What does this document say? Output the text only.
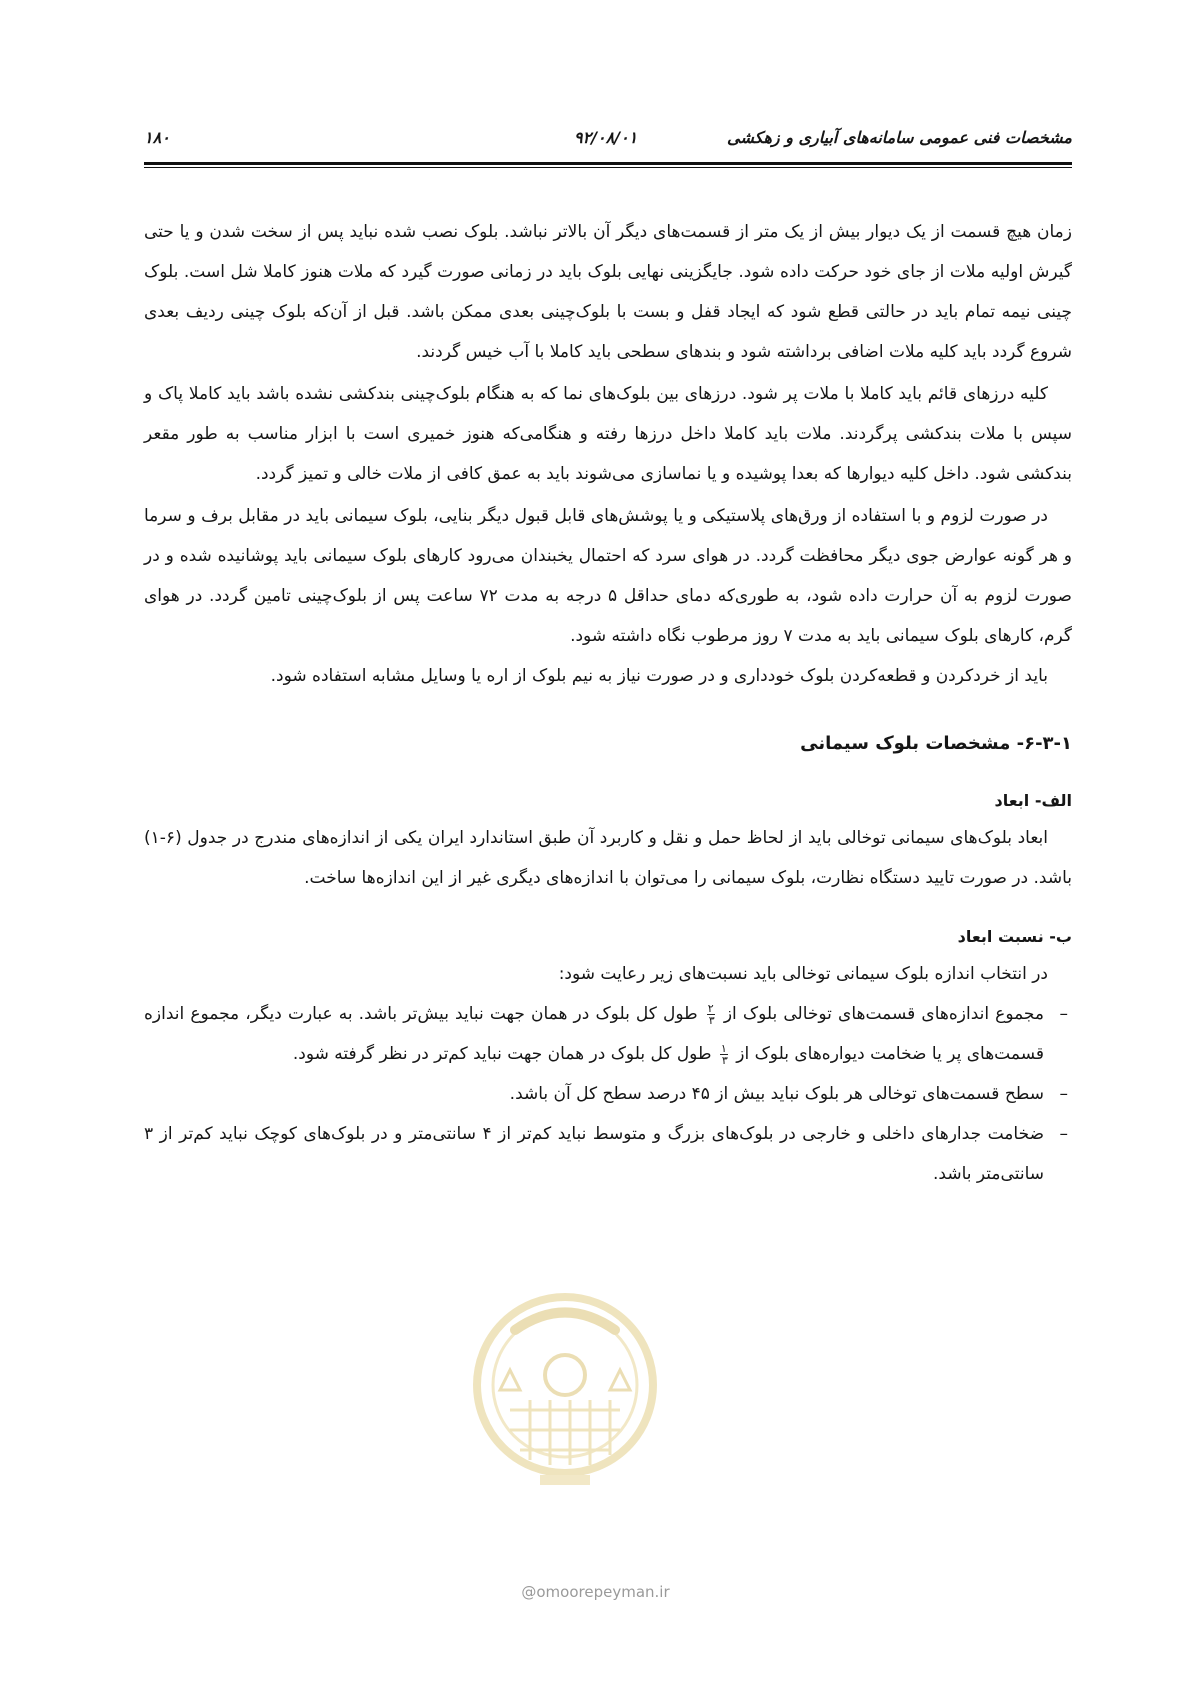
مشخصات فنی عمومی سامانه‌های آبیاری و زهکشی
۹۲/۰۸/۰۱
۱۸۰

زمان هیچ قسمت از یک دیوار بیش از یک متر از قسمت‌های دیگر آن بالاتر نباشد. بلوک نصب شده نباید پس از سخت شدن و یا حتی گیرش اولیه ملات از جای خود حرکت داده شود. جایگزینی نهایی بلوک باید در زمانی صورت گیرد که ملات هنوز کاملا شل است. بلوک چینی نیمه تمام باید در حالتی قطع شود که ایجاد قفل و بست با بلوک‌چینی بعدی ممکن باشد. قبل از آن‌که بلوک چینی ردیف بعدی شروع گردد باید کلیه ملات اضافی برداشته شود و بندهای سطحی باید کاملا با آب خیس گردند.

کلیه درزهای قائم باید کاملا با ملات پر شود. درزهای بین بلوک‌های نما که به هنگام بلوک‌چینی بندکشی نشده باشد باید کاملا پاک و سپس با ملات بندکشی پرگردند. ملات باید کاملا داخل درزها رفته و هنگامی‌که هنوز خمیری است با ابزار مناسب به طور مقعر بندکشی شود. داخل کلیه دیوارها که بعدا پوشیده و یا نماسازی می‌شوند باید به عمق کافی از ملات خالی و تمیز گردد.

در صورت لزوم و با استفاده از ورق‌های پلاستیکی و یا پوشش‌های قابل قبول دیگر بنایی، بلوک سیمانی باید در مقابل برف و سرما و هر گونه عوارض جوی دیگر محافظت گردد. در هوای سرد که احتمال یخبندان می‌رود کارهای بلوک سیمانی باید پوشانیده شده و در صورت لزوم به آن حرارت داده شود، به طوری‌که دمای حداقل ۵ درجه به مدت ۷۲ ساعت پس از بلوک‌چینی تامین گردد. در هوای گرم، کارهای بلوک سیمانی باید به مدت ۷ روز مرطوب نگاه داشته شود.

باید از خردکردن و قطعه‌کردن بلوک خودداری و در صورت نیاز به نیم بلوک از اره یا وسایل مشابه استفاده شود.

۶-۳-۱- مشخصات بلوک سیمانی
الف- ابعاد

ابعاد بلوک‌های سیمانی توخالی باید از لحاظ حمل و نقل و کاربرد آن طبق استاندارد ایران یکی از اندازه‌های مندرج در جدول (۶-۱) باشد. در صورت تایید دستگاه نظارت، بلوک سیمانی را می‌توان با اندازه‌های دیگری غیر از این اندازه‌ها ساخت.

ب- نسبت ابعاد

در انتخاب اندازه بلوک سیمانی توخالی باید نسبت‌های زیر رعایت شود:

–
مجموع اندازه‌های قسمت‌های توخالی بلوک از
$\frac{۲}{۳}$
طول کل بلوک در همان جهت نباید بیش‌تر باشد. به عبارت دیگر، مجموع اندازه قسمت‌های پر یا ضخامت دیواره‌های بلوک از
$\frac{۱}{۳}$
طول کل بلوک در همان جهت نباید کم‌تر در نظر گرفته شود.
–
سطح قسمت‌های توخالی هر بلوک نباید بیش از ۴۵ درصد سطح کل آن باشد.
–
ضخامت جدارهای داخلی و خارجی در بلوک‌های بزرگ و متوسط نباید کم‌تر از ۴ سانتی‌متر و در بلوک‌های کوچک نباید کم‌تر از ۳ سانتی‌متر باشد.
@omoorepeyman.ir
